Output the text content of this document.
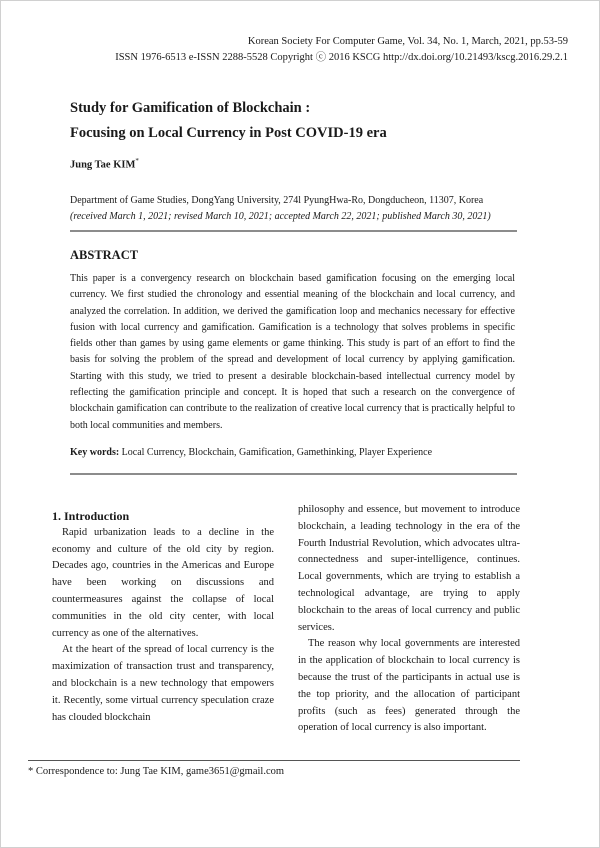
Korean Society For Computer Game, Vol. 34, No. 1, March, 2021, pp.53-59
ISSN 1976-6513 e-ISSN 2288-5528 Copyright ⓒ 2016 KSCG http://dx.doi.org/10.21493/kscg.2016.29.2.1

Study for Gamification of Blockchain :

Focusing on Local Currency in Post COVID-19 era

Jung Tae KIM*
Department of Game Studies, DongYang University, 274l PyungHwa-Ro, Dongducheon, 11307, Korea
(received March 1, 2021; revised March 10, 2021; accepted March 22, 2021; published March 30, 2021)
ABSTRACT

This paper is a convergency research on blockchain based gamification focusing on the emerging local currency. We first studied the chronology and essential meaning of the blockchain and local currency, and analyzed the correlation. In addition, we derived the gamification loop and mechanics necessary for effective fusion with local currency and gamification. Gamification is a technology that solves problems in specific fields other than games by using game elements or game thinking. This study is part of an effort to find the basis for solving the problem of the spread and development of local currency by applying gamification. Starting with this study, we tried to present a desirable blockchain-based intellectual currency model by reflecting the gamification principle and concept. It is hoped that such a research on the convergence of blockchain gamification can contribute to the realization of creative local currency that is practically helpful to both local communities and members.

Key words: Local Currency, Blockchain, Gamification, Gamethinking, Player Experience

1. Introduction

Rapid urbanization leads to a decline in the economy and culture of the old city by region. Decades ago, countries in the Americas and Europe have been working on discussions and countermeasures against the collapse of local communities in the old city center, with local currency as one of the alternatives.

At the heart of the spread of local currency is the maximization of transaction trust and transparency, and blockchain is a new technology that empowers it. Recently, some virtual currency speculation craze has clouded blockchain

philosophy and essence, but movement to introduce blockchain, a leading technology in the era of the Fourth Industrial Revolution, which advocates ultra-connectedness and super-intelligence, continues. Local governments, which are trying to establish a technological advantage, are trying to apply blockchain to the areas of local currency and public services.

The reason why local governments are interested in the application of blockchain to local currency is because the trust of the participants in actual use is the top priority, and the allocation of participant profits (such as fees) generated through the operation of local currency is also important.

* Correspondence to: Jung Tae KIM, game3651@gmail.com
